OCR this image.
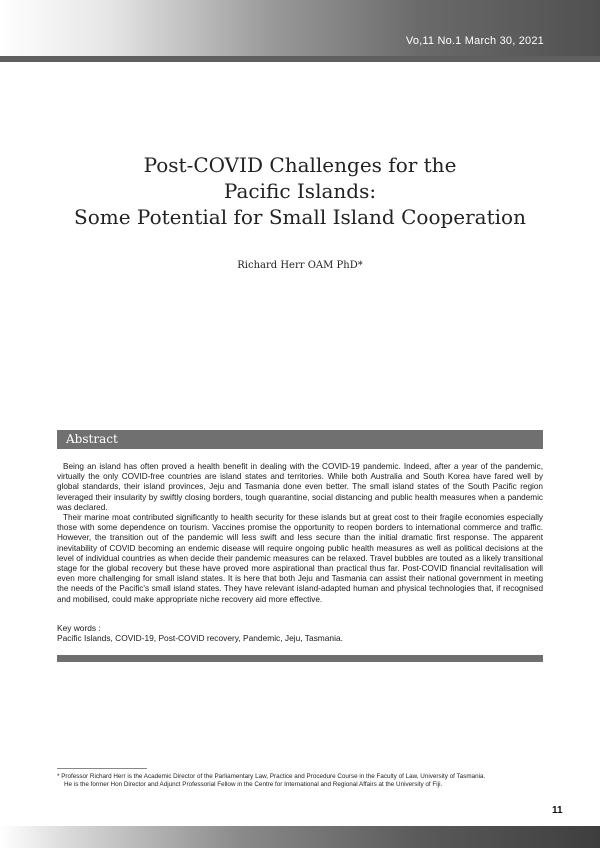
Vo,11 No.1 March 30, 2021
Post-COVID Challenges for the
Pacific Islands:
Some Potential for Small Island Cooperation
Richard Herr OAM PhD*
Abstract

Being an island has often proved a health benefit in dealing with the COVID-19 pandemic. Indeed, after a year of the pandemic, virtually the only COVID-free countries are island states and territories. While both Australia and South Korea have fared well by global standards, their island provinces, Jeju and Tasmania done even better. The small island states of the South Pacific region leveraged their insularity by swiftly closing borders, tough quarantine, social distancing and public health measures when a pandemic was declared.

Their marine moat contributed significantly to health security for these islands but at great cost to their fragile economies especially those with some dependence on tourism. Vaccines promise the opportunity to reopen borders to international commerce and traffic. However, the transition out of the pandemic will less swift and less secure than the initial dramatic first response. The apparent inevitability of COVID becoming an endemic disease will require ongoing public health measures as well as political decisions at the level of individual countries as when decide their pandemic measures can be relaxed. Travel bubbles are touted as a likely transitional stage for the global recovery but these have proved more aspirational than practical thus far. Post-COVID financial revitalisation will even more challenging for small island states. It is here that both Jeju and Tasmania can assist their national government in meeting the needs of the Pacific's small island states. They have relevant island-adapted human and physical technologies that, if recognised and mobilised, could make appropriate niche recovery aid more effective.

Key words :
Pacific Islands, COVID-19, Post-COVID recovery, Pandemic, Jeju, Tasmania.
* Professor Richard Herr is the Academic Director of the Parliamentary Law, Practice and Procedure Course in the Faculty of Law, University of Tasmania.
He is the former Hon Director and Adjunct Professorial Fellow in the Centre for International and Regional Affairs at the University of Fiji.
11
